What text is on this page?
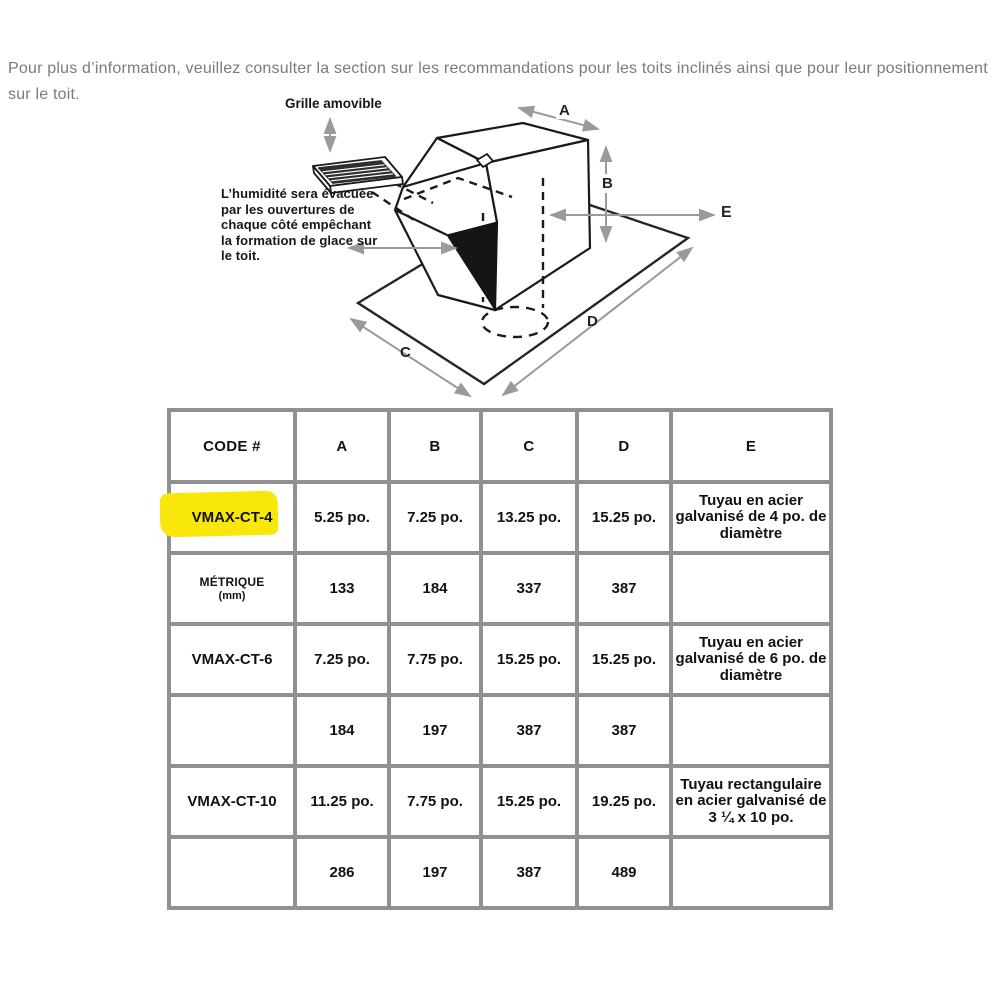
Pour plus d’information, veuillez consulter la section sur les recommandations pour les toits inclinés ainsi que pour leur positionnement sur le toit.

Grille amovible
L’humidité sera évacuée par les ouvertures de chaque côté empêchant la formation de glace sur le toit.
A
B
C
D
E
CODE #	A	B	C	D	E

VMAX-CT-4	5.25 po.	7.25 po.	13.25 po.	15.25 po.	Tuyau en acier galvanisé de 4 po. de diamètre

MÉTRIQUE
(mm)	133	184	337	387	
VMAX-CT-6	7.25 po.	7.75 po.	15.25 po.	15.25 po.	Tuyau en acier galvanisé de 6 po. de diamètre
	184	197	387	387	
VMAX-CT-10	11.25 po.	7.75 po.	15.25 po.	19.25 po.	Tuyau rectangulaire en acier galvanisé de 3 ¼ x 10 po.
	286	197	387	489	
